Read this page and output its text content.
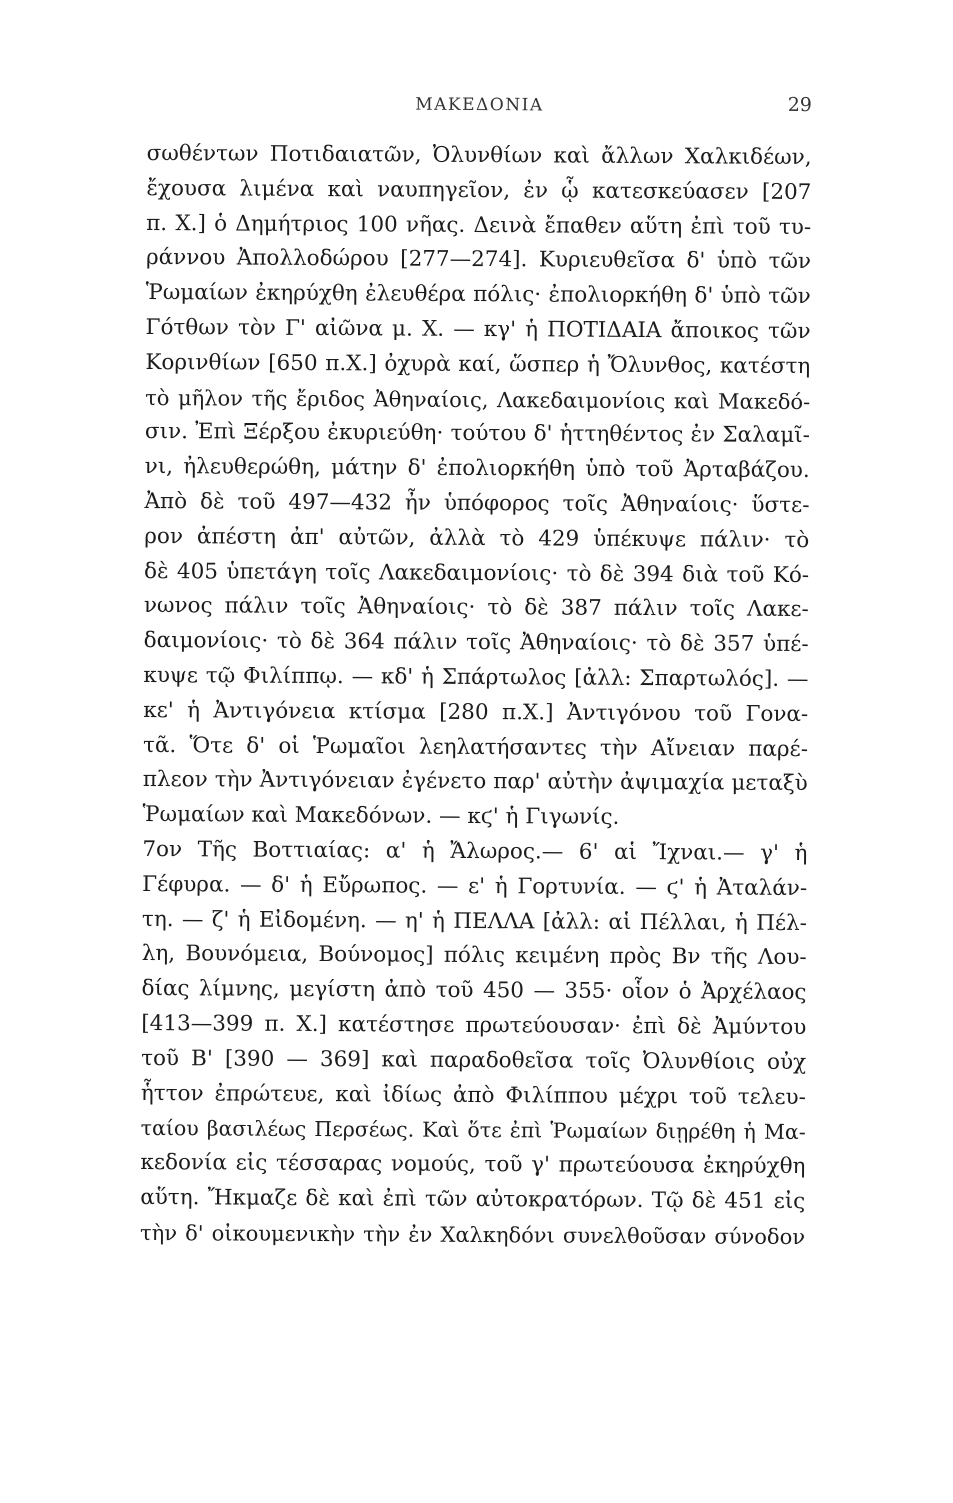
ΜΑΚΕΔΟΝΙΑ	29
σωθέντων Ποτιδαιατῶν, Ὀλυνθίων καὶ ἄλλων Χαλκιδέων,
ἔχουσα λιμένα καὶ ναυπηγεῖον, ἐν ᾧ κατεσκεύασεν [207
π. Χ.] ὁ Δημήτριος 100 νῆας. Δεινὰ ἔπαθεν αὕτη ἐπὶ τοῦ τυ-
ράννου Ἀπολλοδώρου [277—274]. Κυριευθεῖσα δ' ὑπὸ τῶν
Ῥωμαίων ἐκηρύχθη ἐλευθέρα πόλις· ἐπολιορκήθη δ' ὑπὸ τῶν
Γότθων τὸν Γ' αἰῶνα μ. Χ. — κγ' ἡ ΠΟΤΙΔΑΙΑ ἄποικος τῶν
Κορινθίων [650 π.Χ.] ὀχυρὰ καί, ὥσπερ ἡ Ὄλυνθος, κατέστη
τὸ μῆλον τῆς ἔριδος Ἀθηναίοις, Λακεδαιμονίοις καὶ Μακεδό-
σιν. Ἐπὶ Ξέρξου ἐκυριεύθη· τούτου δ' ἡττηθέντος ἐν Σαλαμῖ-
νι, ἠλευθερώθη, μάτην δ' ἐπολιορκήθη ὑπὸ τοῦ Ἀρταβάζου.
Ἀπὸ δὲ τοῦ 497—432 ἦν ὑπόφορος τοῖς Ἀθηναίοις· ὕστε-
ρον ἀπέστη ἀπ' αὐτῶν, ἀλλὰ τὸ 429 ὑπέκυψε πάλιν· τὸ
δὲ 405 ὑπετάγη τοῖς Λακεδαιμονίοις· τὸ δὲ 394 διὰ τοῦ Κό-
νωνος πάλιν τοῖς Ἀθηναίοις· τὸ δὲ 387 πάλιν τοῖς Λακε-
δαιμονίοις· τὸ δὲ 364 πάλιν τοῖς Ἀθηναίοις· τὸ δὲ 357 ὑπέ-
κυψε τῷ Φιλίππῳ. — κδ' ἡ Σπάρτωλος [ἀλλ: Σπαρτωλός]. —
κε' ἡ Ἀντιγόνεια κτίσμα [280 π.Χ.] Ἀντιγόνου τοῦ Γονα-
τᾶ. Ὅτε δ' οἱ Ῥωμαῖοι λεηλατήσαντες τὴν Αἴνειαν παρέ-
πλεον τὴν Ἀντιγόνειαν ἐγένετο παρ' αὐτὴν ἀψιμαχία μεταξὺ
Ῥωμαίων καὶ Μακεδόνων. — κϛ' ἡ Γιγωνίς.
7ον Τῆς Βοττιαίας: α' ἡ Ἄλωρος.— 6' αἱ Ἴχναι.— γ' ἡ
Γέφυρα. — δ' ἡ Εὔρωπος. — ε' ἡ Γορτυνία. — ϛ' ἡ Ἀταλάν-
τη. — ζ' ἡ Εἰδομένη. — η' ἡ ΠΕΛΛΑ [ἀλλ: αἱ Πέλλαι, ἡ Πέλ-
λη, Βουνόμεια, Βούνομος] πόλις κειμένη πρὸς Βν τῆς Λου-
δίας λίμνης, μεγίστη ἀπὸ τοῦ 450 — 355· οἷον ὁ Ἀρχέλαος
[413—399 π. Χ.] κατέστησε πρωτεύουσαν· ἐπὶ δὲ Ἀμύντου
τοῦ Β' [390 — 369] καὶ παραδοθεῖσα τοῖς Ὀλυνθίοις οὐχ
ἧττον ἐπρώτευε, καὶ ἰδίως ἀπὸ Φιλίππου μέχρι τοῦ τελευ-
ταίου βασιλέως Περσέως. Καὶ ὅτε ἐπὶ Ῥωμαίων διῃρέθη ἡ Μα-
κεδονία εἰς τέσσαρας νομούς, τοῦ γ' πρωτεύουσα ἐκηρύχθη
αὕτη. Ἤκμαζε δὲ καὶ ἐπὶ τῶν αὐτοκρατόρων. Τῷ δὲ 451 εἰς
τὴν δ' οἰκουμενικὴν τὴν ἐν Χαλκηδόνι συνελθοῦσαν σύνοδον
